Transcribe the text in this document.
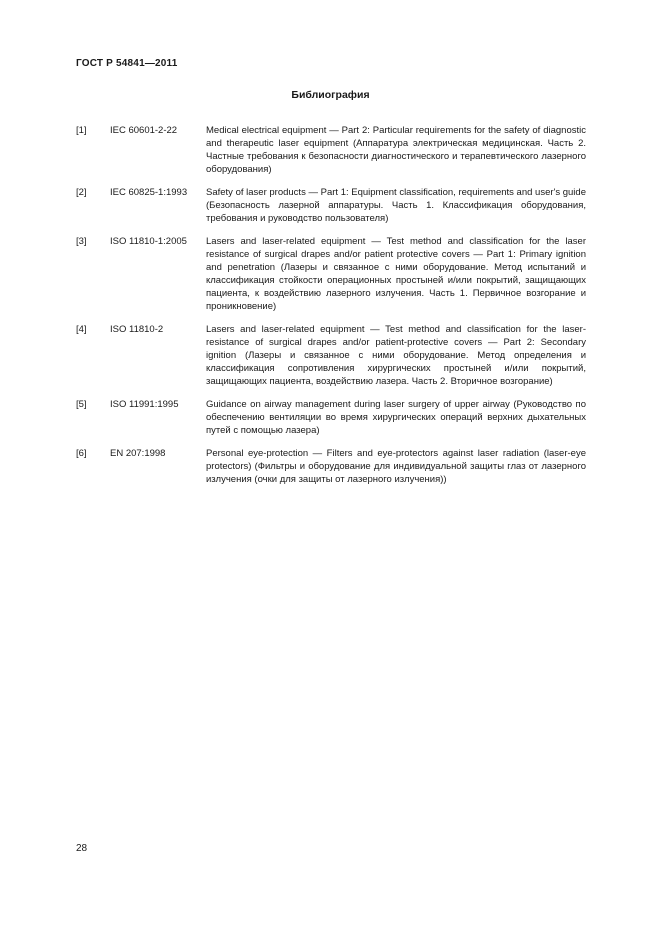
ГОСТ Р 54841—2011
Библиография
[1]	IEC 60601-2-22	Medical electrical equipment — Part 2: Particular requirements for the safety of diagnostic and therapeutic laser equipment (Аппаратура электрическая медицинская. Часть 2. Частные требования к безопасности диагностического и терапевтического лазерного оборудования)

[2]	IEC 60825-1:1993	Safety of laser products — Part 1: Equipment classification, requirements and user's guide (Безопасность лазерной аппаратуры. Часть 1. Классификация оборудования, требования и руководство пользователя)

[3]	ISO 11810-1:2005	Lasers and laser-related equipment — Test method and classification for the laser resistance of surgical drapes and/or patient protective covers — Part 1: Primary ignition and penetration (Лазеры и связанное с ними оборудование. Метод испытаний и классификация стойкости операционных простыней и/или покрытий, защищающих пациента, к воздействию лазерного излучения. Часть 1. Первичное возгорание и проникновение)

[4]	ISO 11810-2	Lasers and laser-related equipment — Test method and classification for the laser-resistance of surgical drapes and/or patient-protective covers — Part 2: Secondary ignition (Лазеры и связанное с ними оборудование. Метод определения и классификация сопротивления хирургических простыней и/или покрытий, защищающих пациента, воздействию лазера. Часть 2. Вторичное возгорание)

[5]	ISO 11991:1995	Guidance on airway management during laser surgery of upper airway (Руководство по обеспечению вентиляции во время хирургических операций верхних дыхательных путей с помощью лазера)

[6]	EN 207:1998	Personal eye-protection — Filters and eye-protectors against laser radiation (laser-eye protectors) (Фильтры и оборудование для индивидуальной защиты глаз от лазерного излучения (очки для защиты от лазерного излучения))

28
